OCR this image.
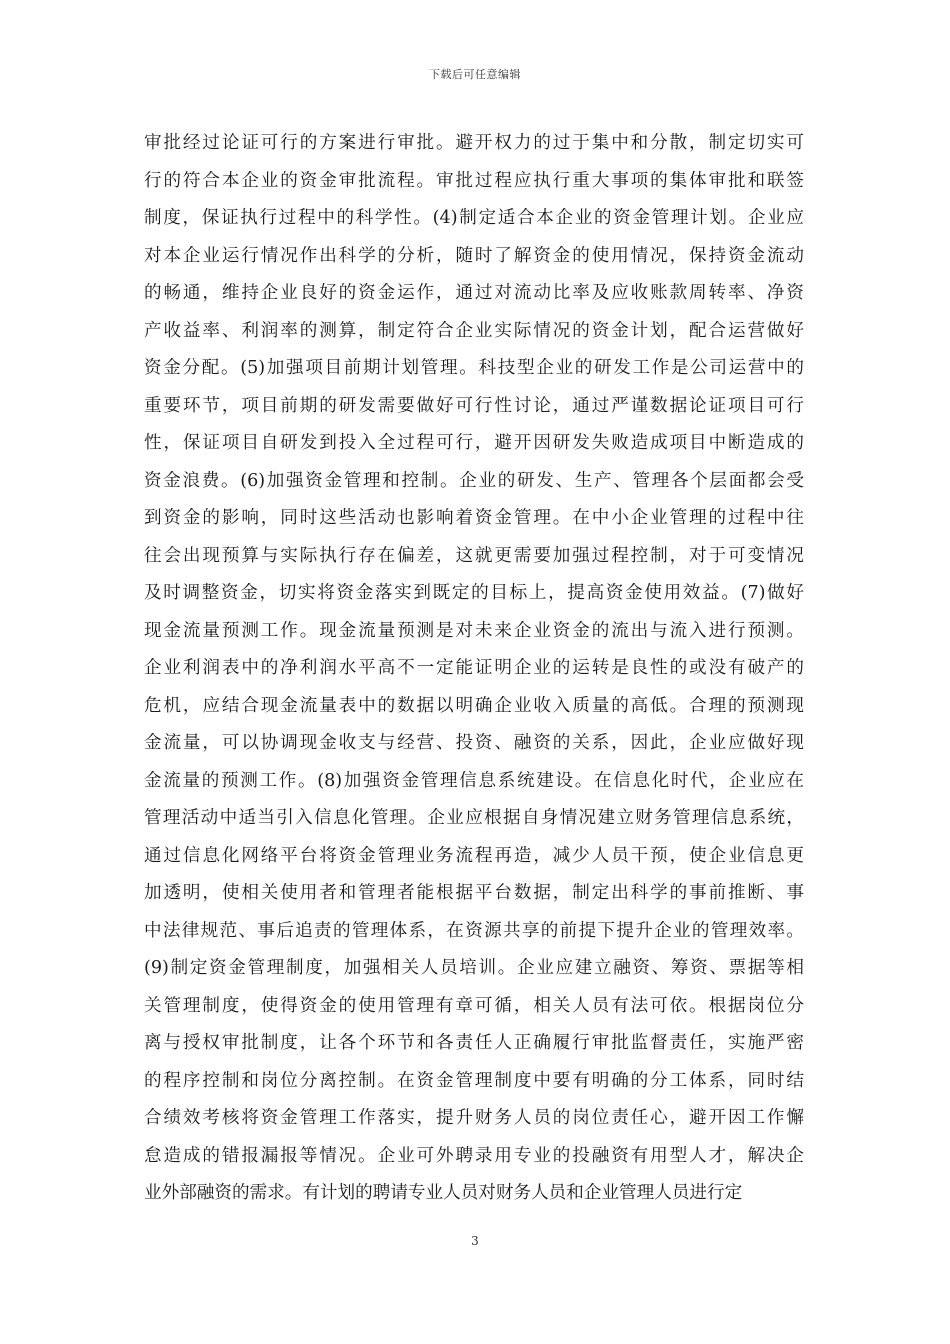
下载后可任意编辑
审批经过论证可行的方案进行审批。避开权力的过于集中和分散，制定切实可
行的符合本企业的资金审批流程。审批过程应执行重大事项的集体审批和联签
制度，保证执行过程中的科学性。(4)制定适合本企业的资金管理计划。企业应
对本企业运行情况作出科学的分析，随时了解资金的使用情况，保持资金流动
的畅通，维持企业良好的资金运作，通过对流动比率及应收账款周转率、净资
产收益率、利润率的测算，制定符合企业实际情况的资金计划，配合运营做好
资金分配。(5)加强项目前期计划管理。科技型企业的研发工作是公司运营中的
重要环节，项目前期的研发需要做好可行性讨论，通过严谨数据论证项目可行
性，保证项目自研发到投入全过程可行，避开因研发失败造成项目中断造成的
资金浪费。(6)加强资金管理和控制。企业的研发、生产、管理各个层面都会受
到资金的影响，同时这些活动也影响着资金管理。在中小企业管理的过程中往
往会出现预算与实际执行存在偏差，这就更需要加强过程控制，对于可变情况
及时调整资金，切实将资金落实到既定的目标上，提高资金使用效益。(7)做好
现金流量预测工作。现金流量预测是对未来企业资金的流出与流入进行预测。
企业利润表中的净利润水平高不一定能证明企业的运转是良性的或没有破产的
危机，应结合现金流量表中的数据以明确企业收入质量的高低。合理的预测现
金流量，可以协调现金收支与经营、投资、融资的关系，因此，企业应做好现
金流量的预测工作。(8)加强资金管理信息系统建设。在信息化时代，企业应在
管理活动中适当引入信息化管理。企业应根据自身情况建立财务管理信息系统，
通过信息化网络平台将资金管理业务流程再造，减少人员干预，使企业信息更
加透明，使相关使用者和管理者能根据平台数据，制定出科学的事前推断、事
中法律规范、事后追责的管理体系，在资源共享的前提下提升企业的管理效率。
(9)制定资金管理制度，加强相关人员培训。企业应建立融资、筹资、票据等相
关管理制度，使得资金的使用管理有章可循，相关人员有法可依。根据岗位分
离与授权审批制度，让各个环节和各责任人正确履行审批监督责任，实施严密
的程序控制和岗位分离控制。在资金管理制度中要有明确的分工体系，同时结
合绩效考核将资金管理工作落实，提升财务人员的岗位责任心，避开因工作懈
怠造成的错报漏报等情况。企业可外聘录用专业的投融资有用型人才，解决企
业外部融资的需求。有计划的聘请专业人员对财务人员和企业管理人员进行定
3
